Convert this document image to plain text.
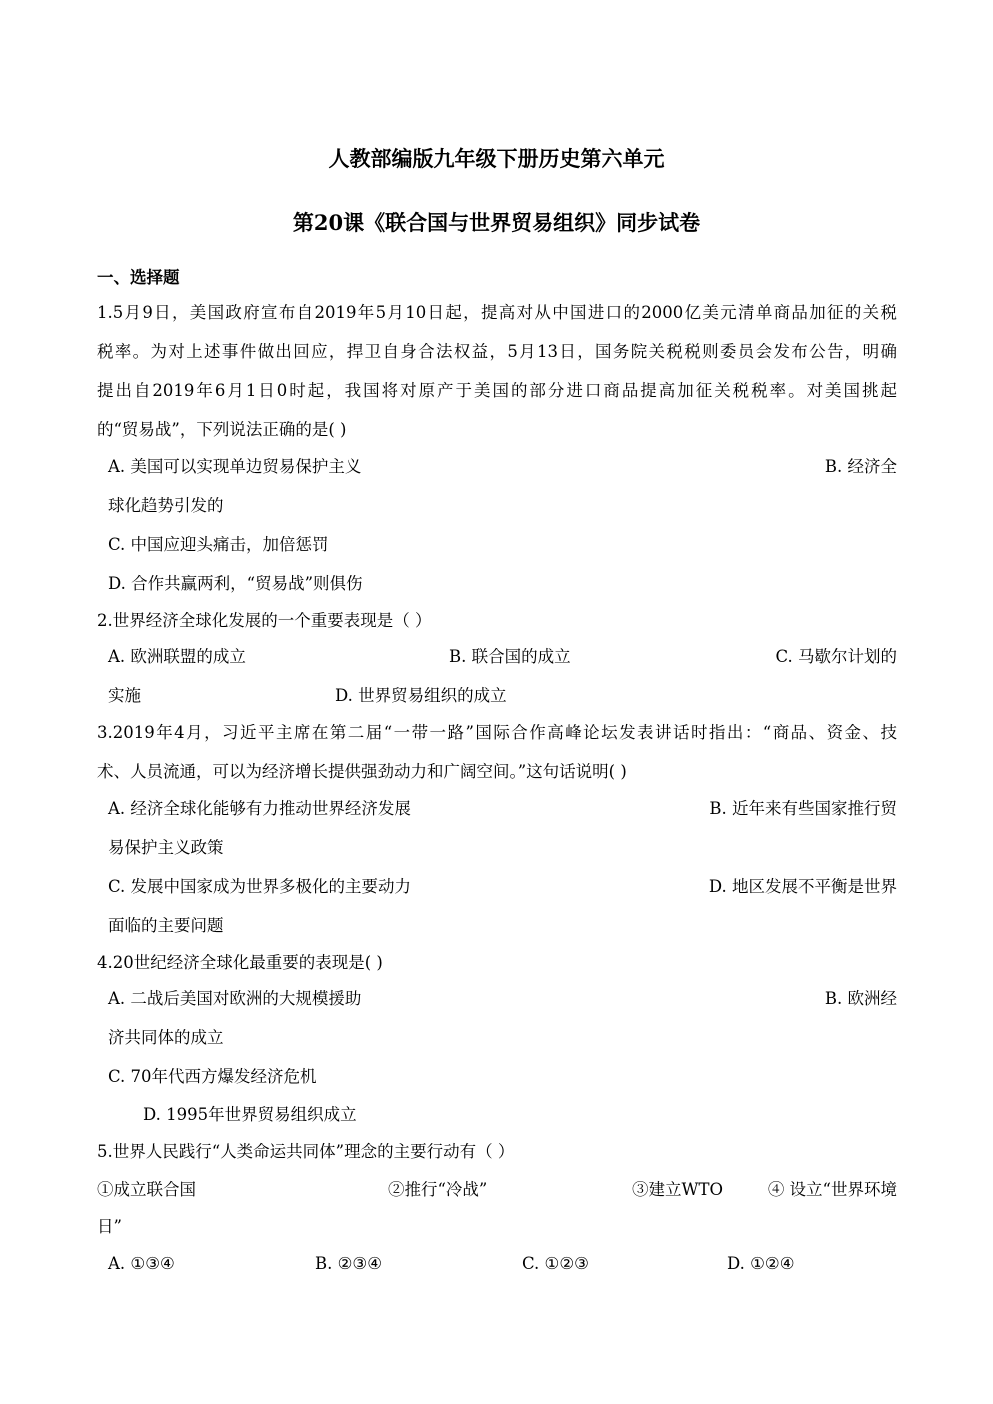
人教部编版九年级下册历史第六单元
第20课《联合国与世界贸易组织》同步试卷
一、选择题
1.5月9日，美国政府宣布自2019年5月10日起，提高对从中国进口的2000亿美元清单商品加征的关税
税率。为对上述事件做出回应，捍卫自身合法权益，5月13日，国务院关税税则委员会发布公告，明确
提出自2019年6月1日0时起，我国将对原产于美国的部分进口商品提高加征关税税率。对美国挑起
的“贸易战”，下列说法正确的是( )
A. 美国可以实现单边贸易保护主义	B. 经济全
球化趋势引发的
C. 中国应迎头痛击，加倍惩罚
D. 合作共赢两利，“贸易战”则俱伤
2.世界经济全球化发展的一个重要表现是（ ）
A. 欧洲联盟的成立	B. 联合国的成立	C. 马歇尔计划的
实施	D. 世界贸易组织的成立
3.2019年4月，习近平主席在第二届“一带一路”国际合作高峰论坛发表讲话时指出：“商品、资金、技
术、人员流通，可以为经济增长提供强劲动力和广阔空间。”这句话说明( )
A. 经济全球化能够有力推动世界经济发展	B. 近年来有些国家推行贸
易保护主义政策
C. 发展中国家成为世界多极化的主要动力	D. 地区发展不平衡是世界
面临的主要问题
4.20世纪经济全球化最重要的表现是( )
A. 二战后美国对欧洲的大规模援助	B. 欧洲经
济共同体的成立
C. 70年代西方爆发经济危机
D. 1995年世界贸易组织成立
5.世界人民践行“人类命运共同体”理念的主要行动有（ ）
①成立联合国	②推行“冷战”	③建立WTO	④ 设立“世界环境
日”
A. ①③④	B. ②③④	C. ①②③	D. ①②④
